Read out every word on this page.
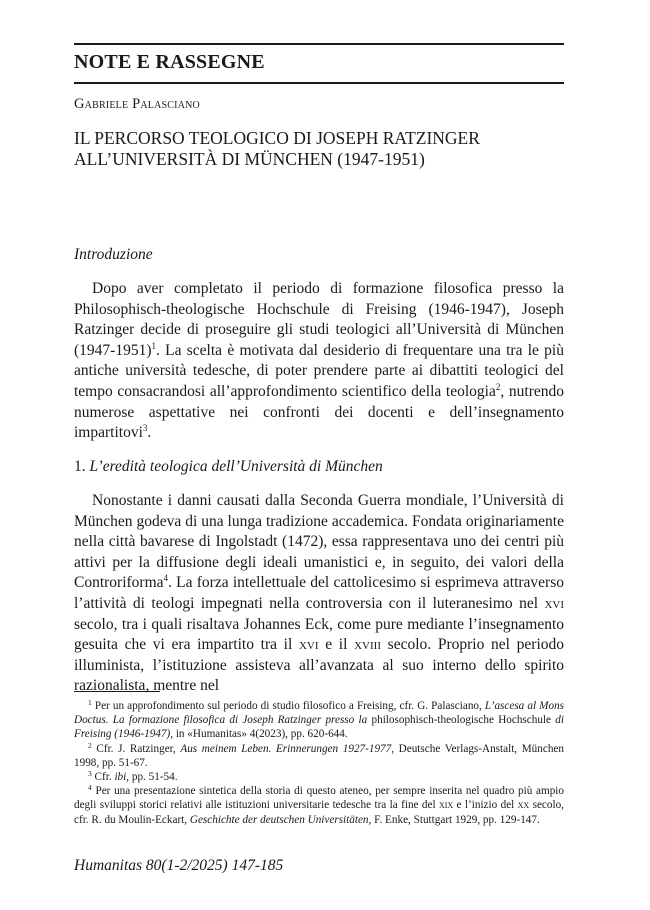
NOTE E RASSEGNE
Gabriele Palasciano
IL PERCORSO TEOLOGICO DI JOSEPH RATZINGER
ALL’UNIVERSITÀ DI MÜNCHEN (1947-1951)
Introduzione

Dopo aver completato il periodo di formazione filosofica presso la Philosophisch-theologische Hochschule di Freising (1946-1947), Joseph Ratzinger decide di proseguire gli studi teologici all’Università di München (1947-1951)$^1$. La scelta è motivata dal desiderio di frequentare una tra le più antiche università tedesche, di poter prendere parte ai dibattiti teologici del tempo consacrandosi all’approfondimento scientifico della teologia$^2$, nutrendo numerose aspettative nei confronti dei docenti e dell’insegnamento impartitovi$^3$.

1. L’eredità teologica dell’Università di München

Nonostante i danni causati dalla Seconda Guerra mondiale, l’Università di München godeva di una lunga tradizione accademica. Fondata originariamente nella città bavarese di Ingolstadt (1472), essa rappresentava uno dei centri più attivi per la diffusione degli ideali umanistici e, in seguito, dei valori della Controriforma$^4$. La forza intellettuale del cattolicesimo si esprimeva attraverso l’attività di teologi impegnati nella controversia con il luteranesimo nel xvi secolo, tra i quali risaltava Johannes Eck, come pure mediante l’insegnamento gesuita che vi era impartito tra il xvi e il xviii secolo. Proprio nel periodo illuminista, l’istituzione assisteva all’avanzata al suo interno dello spirito razionalista, mentre nel

$^1$ Per un approfondimento sul periodo di studio filosofico a Freising, cfr. G. Palasciano, L’ascesa al Mons Doctus. La formazione filosofica di Joseph Ratzinger presso la philosophisch-theologische Hochschule di Freising (1946-1947), in «Humanitas» 4(2023), pp. 620-644.

$^2$ Cfr. J. Ratzinger, Aus meinem Leben. Erinnerungen 1927-1977, Deutsche Verlags-Anstalt, München 1998, pp. 51-67.

$^3$ Cfr. ibi, pp. 51-54.

$^4$ Per una presentazione sintetica della storia di questo ateneo, per sempre inserita nel quadro più ampio degli sviluppi storici relativi alle istituzioni universitarie tedesche tra la fine del xix e l’inizio del xx secolo, cfr. R. du Moulin-Eckart, Geschichte der deutschen Universitäten, F. Enke, Stuttgart 1929, pp. 129-147.

Humanitas 80(1-2/2025) 147-185
